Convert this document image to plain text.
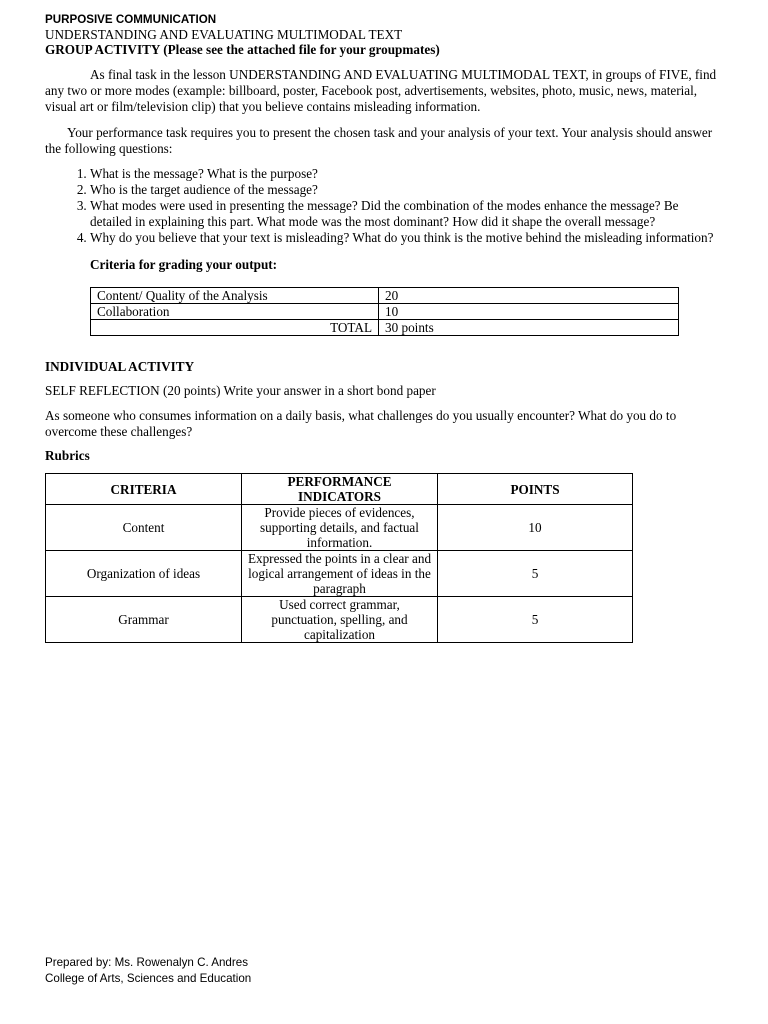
PURPOSIVE COMMUNICATION
UNDERSTANDING AND EVALUATING MULTIMODAL TEXT
GROUP ACTIVITY (Please see the attached file for your groupmates)

As final task in the lesson UNDERSTANDING AND EVALUATING MULTIMODAL TEXT, in groups of FIVE, find any two or more modes (example: billboard, poster, Facebook post, advertisements, websites, photo, music, news, material, visual art or film/television clip) that you believe contains misleading information.

Your performance task requires you to present the chosen task and your analysis of your text. Your analysis should answer the following questions:

1. What is the message? What is the purpose?
2. Who is the target audience of the message?
3. What modes were used in presenting the message? Did the combination of the modes enhance the message? Be detailed in explaining this part. What mode was the most dominant? How did it shape the overall message?
4. Why do you believe that your text is misleading? What do you think is the motive behind the misleading information?
Criteria for grading your output:
Content/ Quality of the Analysis	20
Collaboration	10
TOTAL	30 points
INDIVIDUAL ACTIVITY

SELF REFLECTION (20 points) Write your answer in a short bond paper

As someone who consumes information on a daily basis, what challenges do you usually encounter? What do you do to overcome these challenges?

Rubrics
CRITERIA	PERFORMANCE INDICATORS	POINTS
Content	Provide pieces of evidences, supporting details, and factual information.	10
Organization of ideas	Expressed the points in a clear and logical arrangement of ideas in the paragraph	5
Grammar	Used correct grammar, punctuation, spelling, and capitalization	5
Prepared by: Ms. Rowenalyn C. Andres
College of Arts, Sciences and Education
